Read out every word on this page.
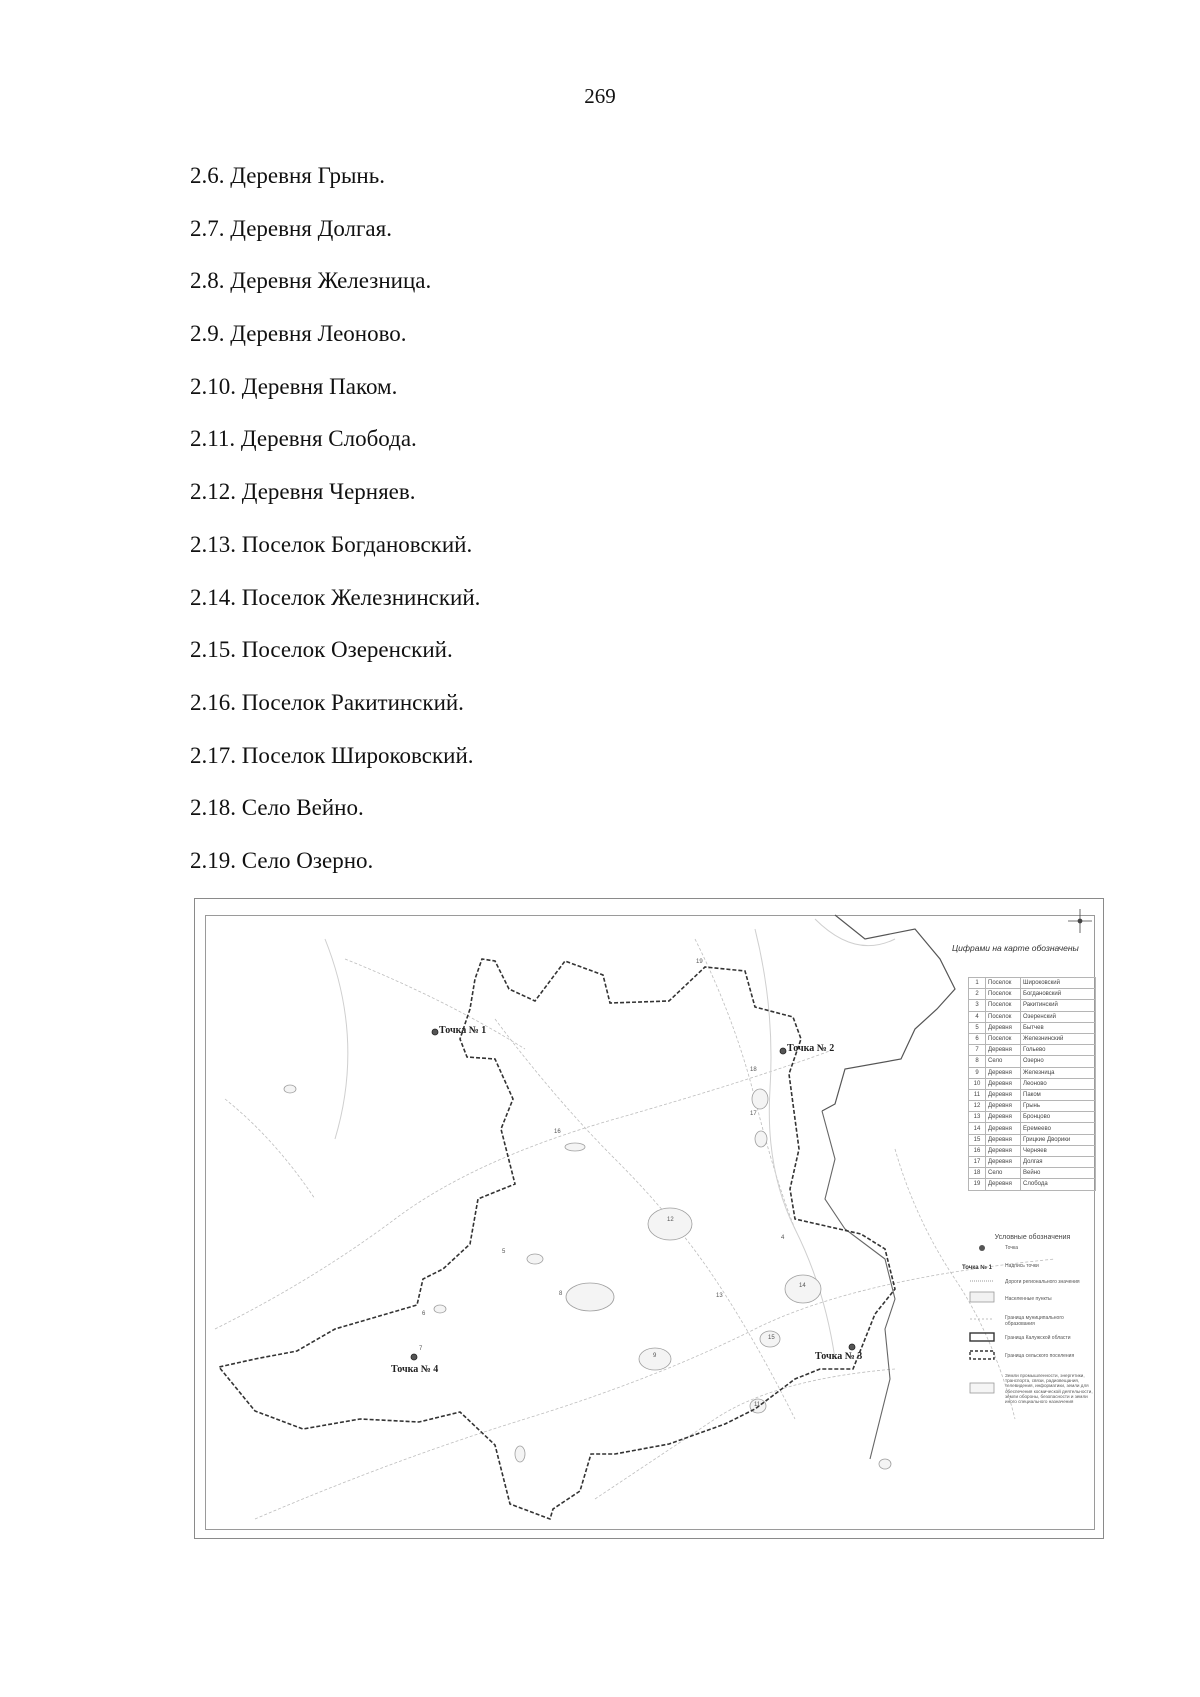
269
2.6. Деревня Грынь.
2.7. Деревня Долгая.
2.8. Деревня Железница.
2.9. Деревня Леоново.
2.10. Деревня Паком.
2.11. Деревня Слобода.
2.12. Деревня Черняев.
2.13. Поселок Богдановский.
2.14. Поселок Железнинский.
2.15. Поселок Озеренский.
2.16. Поселок Ракитинский.
2.17. Поселок Широковский.
2.18. Село Вейно.
2.19. Село Озерно.
Точка № 1
Точка № 2
Точка № 3
Точка № 4
19
18
17
16
12
8
9
14
13
15
11
4
5
6
7
Цифрами на карте обозначены
1	Поселок	Широковский
2	Поселок	Богдановский
3	Поселок	Ракитинский
4	Поселок	Озеренский
5	Деревня	Бытчев
6	Поселок	Железнинский
7	Деревня	Гольево
8	Село	Озерно
9	Деревня	Железница
10	Деревня	Леоново
11	Деревня	Паком
12	Деревня	Грынь
13	Деревня	Бронцово
14	Деревня	Еремеево
15	Деревня	Грицкие Дворики
16	Деревня	Черняев
17	Деревня	Долгая
18	Село	Вейно
19	Деревня	Слобода
Условные обозначения
Точка
Точка № 1	Надпись точки
Дороги регионального значения
Населенные пункты
Граница муниципального образования
Граница Калужской области
Граница сельского поселения
Земли промышленности, энергетики, транспорта, связи, радиовещания, телевидения, информатики, земли для обеспечения космической деятельности, земли обороны, безопасности и земли иного специального назначения
